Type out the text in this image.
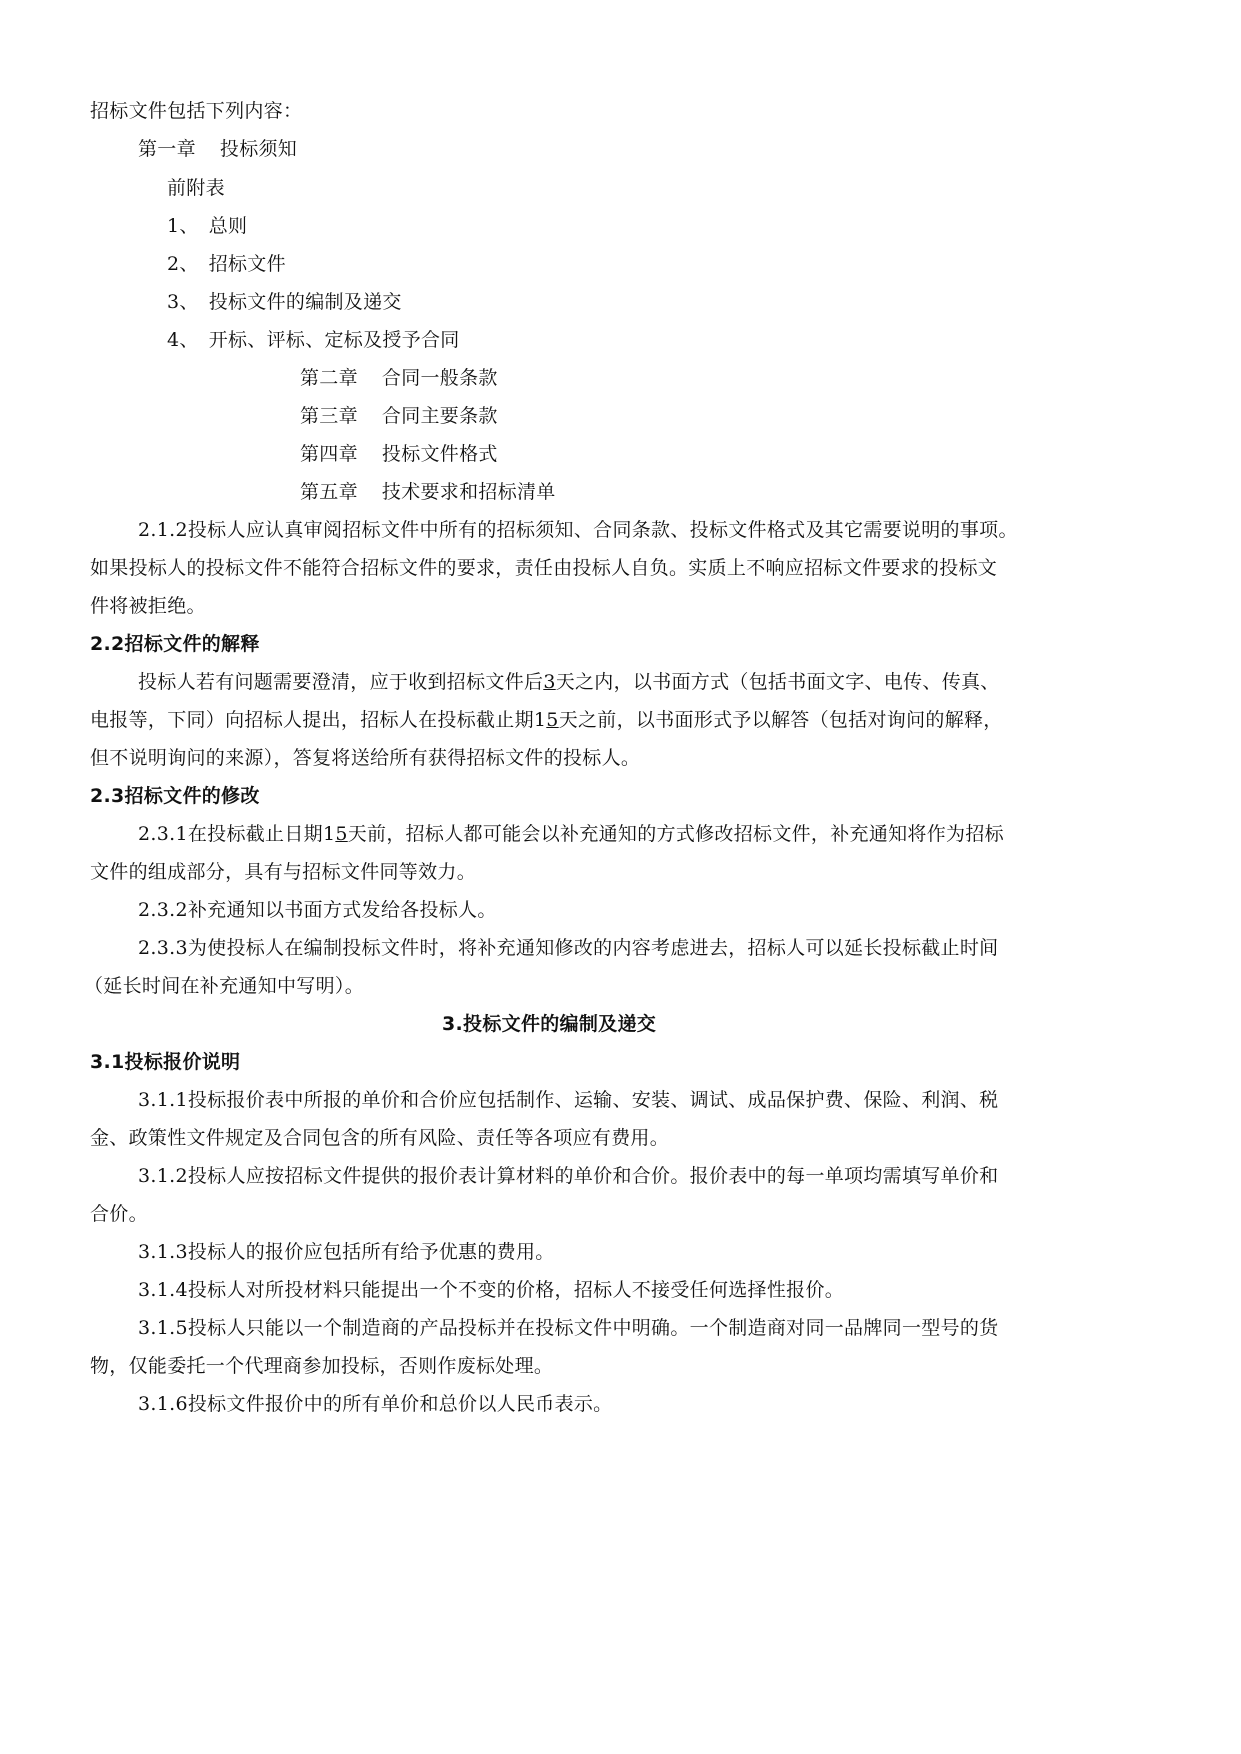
招标文件包括下列内容：
第一章 投标须知
前附表
1、 总则
2、 招标文件
3、 投标文件的编制及递交
4、 开标、评标、定标及授予合同
第二章 合同一般条款
第三章 合同主要条款
第四章 投标文件格式
第五章 技术要求和招标清单
2.1.2投标人应认真审阅招标文件中所有的招标须知、合同条款、投标文件格式及其它需要说明的事项。
如果投标人的投标文件不能符合招标文件的要求，责任由投标人自负。实质上不响应招标文件要求的投标文
件将被拒绝。
2.2招标文件的解释
投标人若有问题需要澄清，应于收到招标文件后3天之内，以书面方式（包括书面文字、电传、传真、
电报等，下同）向招标人提出，招标人在投标截止期15天之前，以书面形式予以解答（包括对询问的解释，
但不说明询问的来源），答复将送给所有获得招标文件的投标人。
2.3招标文件的修改
2.3.1在投标截止日期15天前，招标人都可能会以补充通知的方式修改招标文件，补充通知将作为招标
文件的组成部分，具有与招标文件同等效力。
2.3.2补充通知以书面方式发给各投标人。
2.3.3为使投标人在编制投标文件时，将补充通知修改的内容考虑进去，招标人可以延长投标截止时间
（延长时间在补充通知中写明）。
3.投标文件的编制及递交
3.1投标报价说明
3.1.1投标报价表中所报的单价和合价应包括制作、运输、安装、调试、成品保护费、保险、利润、税
金、政策性文件规定及合同包含的所有风险、责任等各项应有费用。
3.1.2投标人应按招标文件提供的报价表计算材料的单价和合价。报价表中的每一单项均需填写单价和
合价。
3.1.3投标人的报价应包括所有给予优惠的费用。
3.1.4投标人对所投材料只能提出一个不变的价格，招标人不接受任何选择性报价。
3.1.5投标人只能以一个制造商的产品投标并在投标文件中明确。一个制造商对同一品牌同一型号的货
物，仅能委托一个代理商参加投标，否则作废标处理。
3.1.6投标文件报价中的所有单价和总价以人民币表示。
